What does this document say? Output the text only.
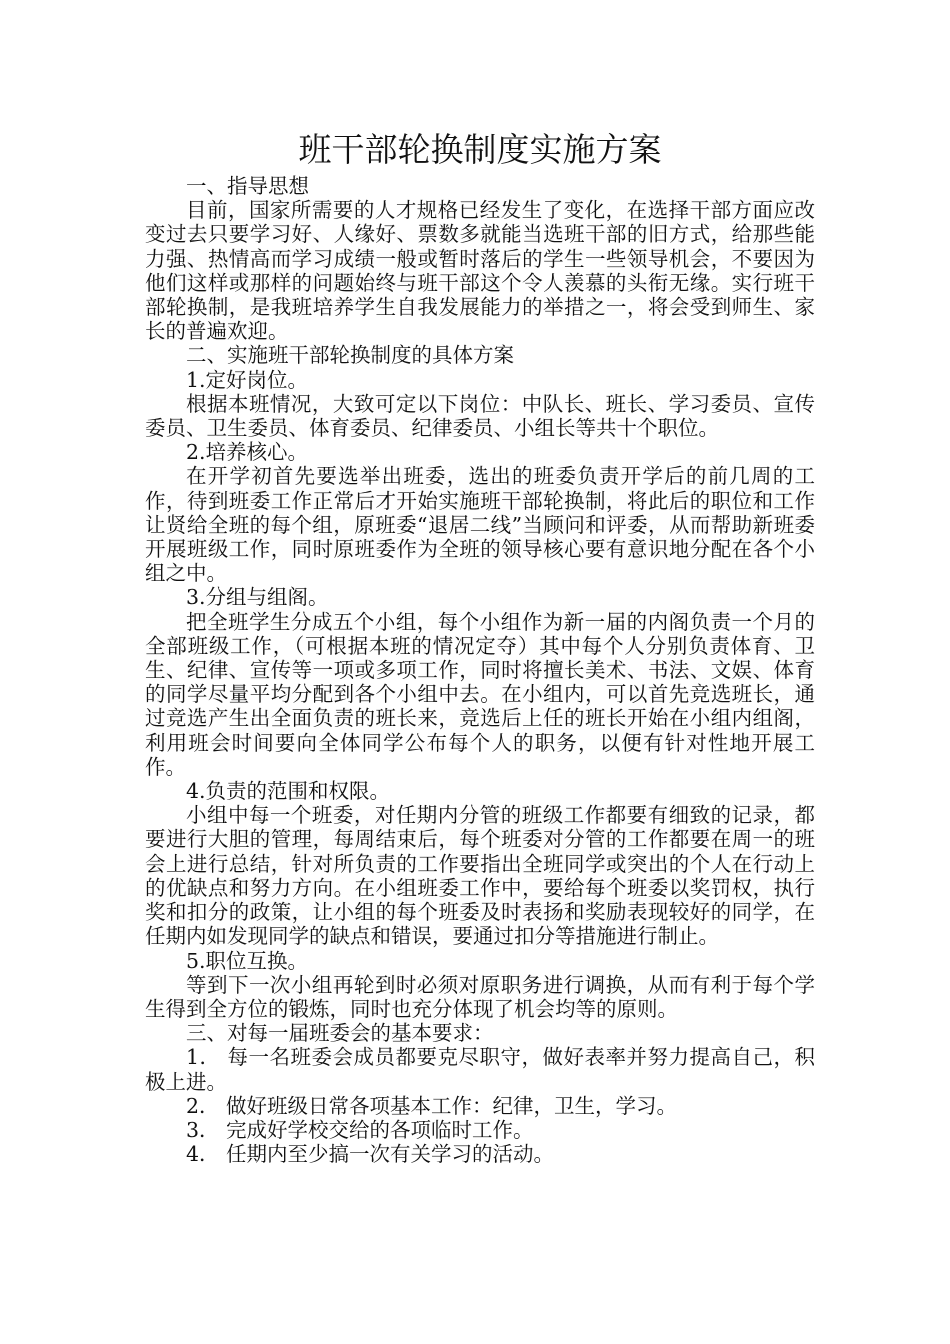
班干部轮换制度实施方案

一、指导思想

目前，国家所需要的人才规格已经发生了变化，在选择干部方面应改变过去只要学习好、人缘好、票数多就能当选班干部的旧方式，给那些能力强、热情高而学习成绩一般或暂时落后的学生一些领导机会，不要因为他们这样或那样的问题始终与班干部这个令人羡慕的头衔无缘。实行班干部轮换制，是我班培养学生自我发展能力的举措之一，将会受到师生、家长的普遍欢迎。

二、实施班干部轮换制度的具体方案

1.定好岗位。

根据本班情况，大致可定以下岗位：中队长、班长、学习委员、宣传委员、卫生委员、体育委员、纪律委员、小组长等共十个职位。

2.培养核心。

在开学初首先要选举出班委，选出的班委负责开学后的前几周的工作，待到班委工作正常后才开始实施班干部轮换制，将此后的职位和工作让贤给全班的每个组，原班委“退居二线”当顾问和评委，从而帮助新班委开展班级工作，同时原班委作为全班的领导核心要有意识地分配在各个小组之中。

3.分组与组阁。

把全班学生分成五个小组，每个小组作为新一届的内阁负责一个月的全部班级工作，（可根据本班的情况定夺）其中每个人分别负责体育、卫生、纪律、宣传等一项或多项工作，同时将擅长美术、书法、文娱、体育的同学尽量平均分配到各个小组中去。在小组内，可以首先竞选班长，通过竞选产生出全面负责的班长来，竞选后上任的班长开始在小组内组阁，利用班会时间要向全体同学公布每个人的职务，以便有针对性地开展工作。

4.负责的范围和权限。

小组中每一个班委，对任期内分管的班级工作都要有细致的记录，都要进行大胆的管理，每周结束后，每个班委对分管的工作都要在周一的班会上进行总结，针对所负责的工作要指出全班同学或突出的个人在行动上的优缺点和努力方向。在小组班委工作中，要给每个班委以奖罚权，执行奖和扣分的政策，让小组的每个班委及时表扬和奖励表现较好的同学，在任期内如发现同学的缺点和错误，要通过扣分等措施进行制止。

5.职位互换。

等到下一次小组再轮到时必须对原职务进行调换，从而有利于每个学生得到全方位的锻炼，同时也充分体现了机会均等的原则。

三、对每一届班委会的基本要求：

1． 每一名班委会成员都要克尽职守，做好表率并努力提高自己，积极上进。

2． 做好班级日常各项基本工作：纪律，卫生，学习。

3． 完成好学校交给的各项临时工作。

4． 任期内至少搞一次有关学习的活动。
